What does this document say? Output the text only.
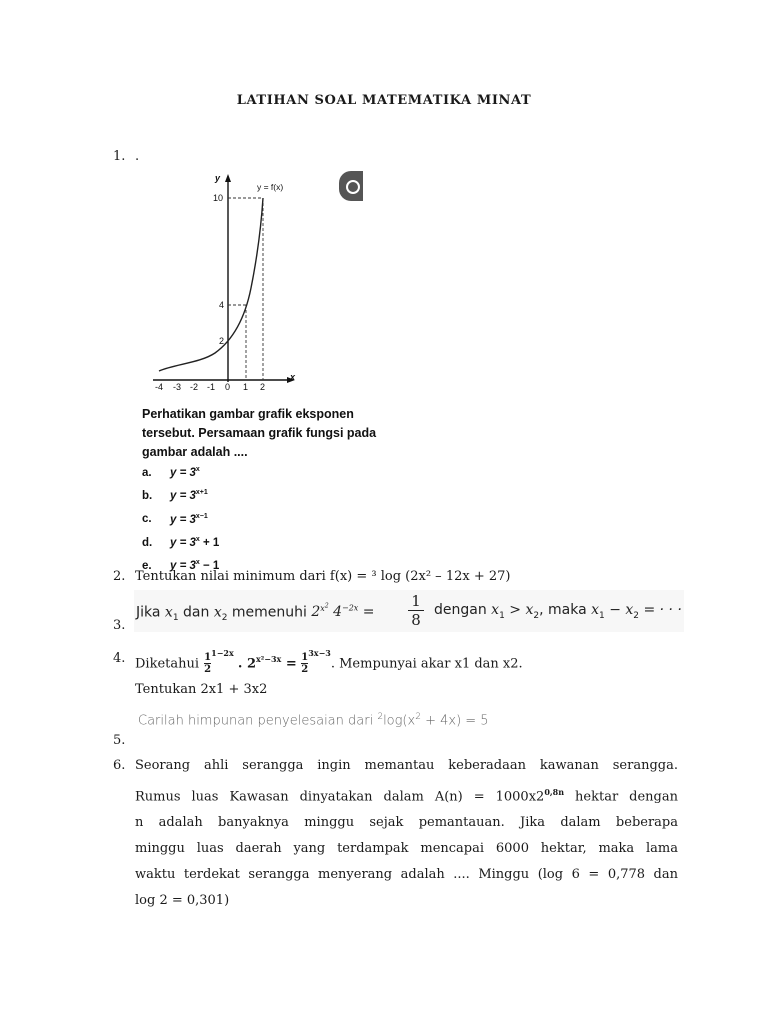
LATIHAN SOAL MATEMATIKA MINAT
1. .
y
x
y = f(x)
10
4
2
-4 -3 -2 -1 0 1 2
Perhatikan gambar grafik eksponen
tersebut. Persamaan grafik fungsi pada
gambar adalah ....
a. $y = 3^x$
b. $y = 3^{x+1}$
c. $y = 3^{x-1}$
d. $y = 3^x + 1$
e. $y = 3^x - 1$
2. Tentukan nilai minimum dari f(x) = ³ log (2x² – 12x + 27)
3.
Jika $x_1$ dan $x_2$ memenuhi $2^{x^2}$ $4^{-2x} = \frac{1}{8}$ dengan $x_1 > x_2$, maka $x_1 - x_2$ = · · ·
4. Diketahui $\frac{1}{2} ^{1-2x}$ . $2^{x^2-3x} = \frac{1}{2} ^{3x-3}$. Mempunyai akar x1 dan x2.
Tentukan 2x1 + 3x2
Carilah himpunan penyelesaian dari $^2\log(x^2 + 4x) = 5$
5.
6. Seorang ahli serangga ingin memantau keberadaan kawanan serangga.

Rumus luas Kawasan dinyatakan dalam $A(n) = 1000x2^{0,8n}$ hektar dengan

n adalah banyaknya minggu sejak pemantauan. Jika dalam beberapa

minggu luas daerah yang terdampak mencapai 6000 hektar, maka lama

waktu terdekat serangga menyerang adalah .... Minggu (log 6 = 0,778 dan

log 2 = 0,301)
